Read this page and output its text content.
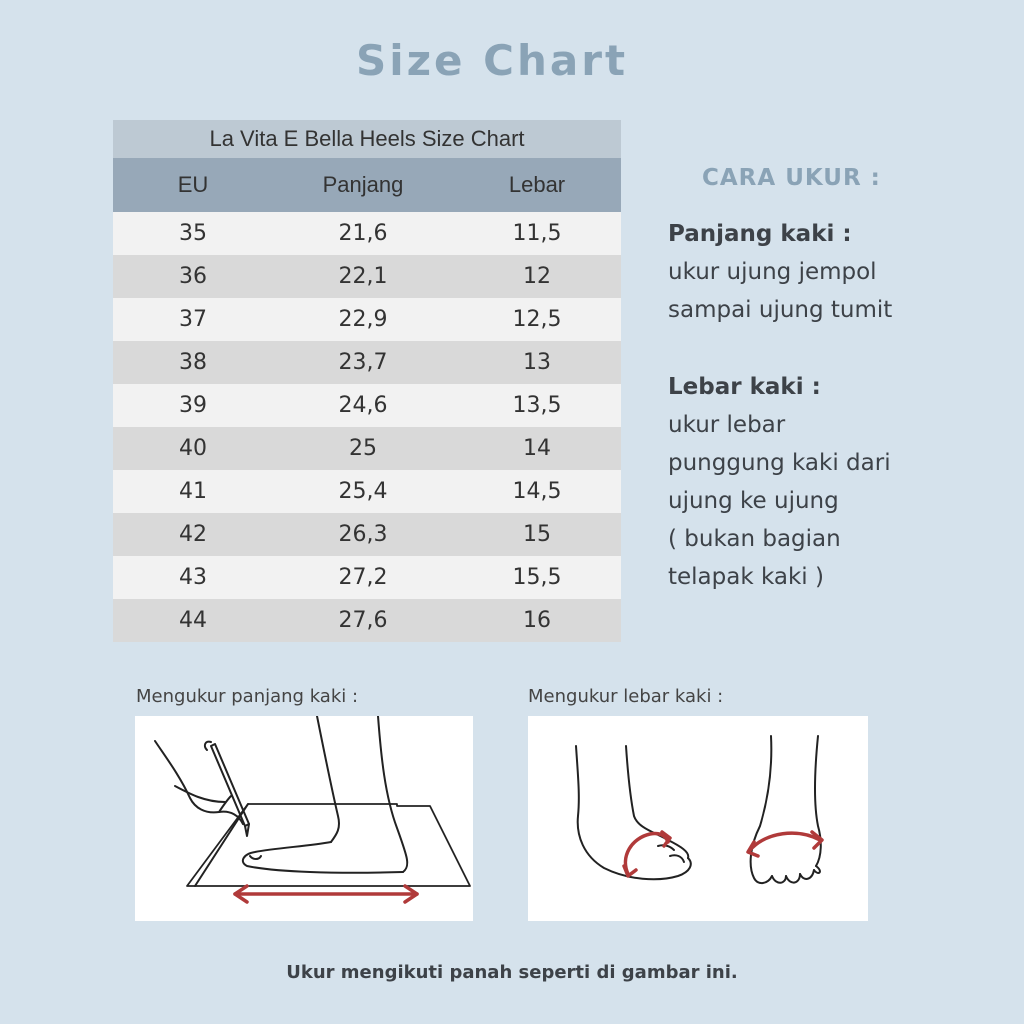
Size Chart
La Vita E Bella Heels Size Chart		
EU	Panjang	Lebar
35	21,6	11,5
36	22,1	12
37	22,9	12,5
38	23,7	13
39	24,6	13,5
40	25	14
41	25,4	14,5
42	26,3	15
43	27,2	15,5
44	27,6	16
CARA UKUR :
Panjang kaki :
ukur ujung jempol
sampai ujung tumit
Lebar kaki :
ukur lebar
punggung kaki dari
ujung ke ujung
( bukan bagian
telapak kaki )
Mengukur panjang kaki :	Mengukur lebar kaki :
Ukur mengikuti panah seperti di gambar ini.
